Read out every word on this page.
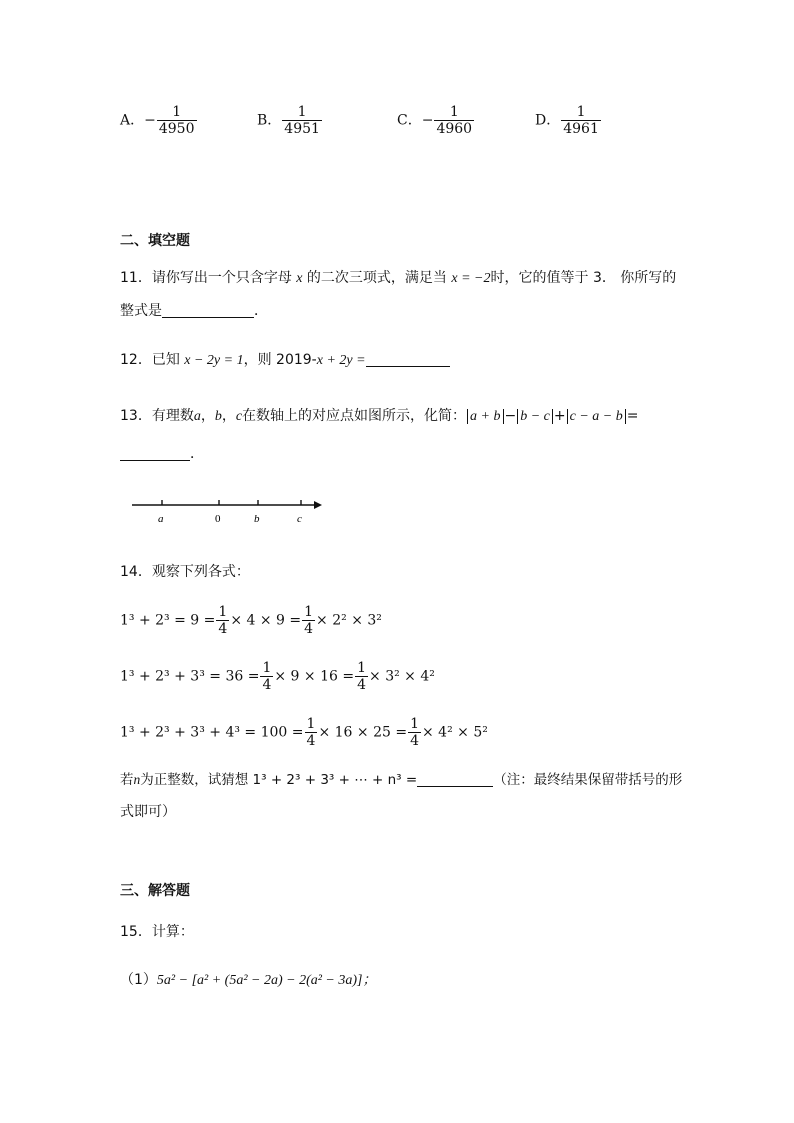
A．− $\frac{1}{4950}$	B． $\frac{1}{4951}$	C．− $\frac{1}{4960}$	D． $\frac{1}{4961}$
二、填空题
11．请你写出一个只含字母 x 的二次三项式，满足当 x = −2时，它的值等于 3． 你所写的
整式是	．
12．已知 x − 2y = 1，则 2019-x + 2y =
13．有理数a，b，c在数轴上的对应点如图所示，化简： a + b − b − c + c − a − b =
．
a	0	b	c
14．观察下列各式：
$1^3 + 2^3 = 9 = \frac{1}{4} \times 4 \times 9 = \frac{1}{4} \times 2^2 \times 3^2$
$1^3 + 2^3 + 3^3 = 36 = \frac{1}{4} \times 9 \times 16 = \frac{1}{4} \times 3^2 \times 4^2$
$1^3 + 2^3 + 3^3 + 4^3 = 100 = \frac{1}{4} \times 16 \times 25 = \frac{1}{4} \times 4^2 \times 5^2$
若n为正整数，试猜想 1³ + 2³ + 3³ + ⋯ + n³ =	（注：最终结果保留带括号的形
式即可）
三、解答题
15．计算：
（1）5a² − [a² + (5a² − 2a) − 2(a² − 3a)]；
